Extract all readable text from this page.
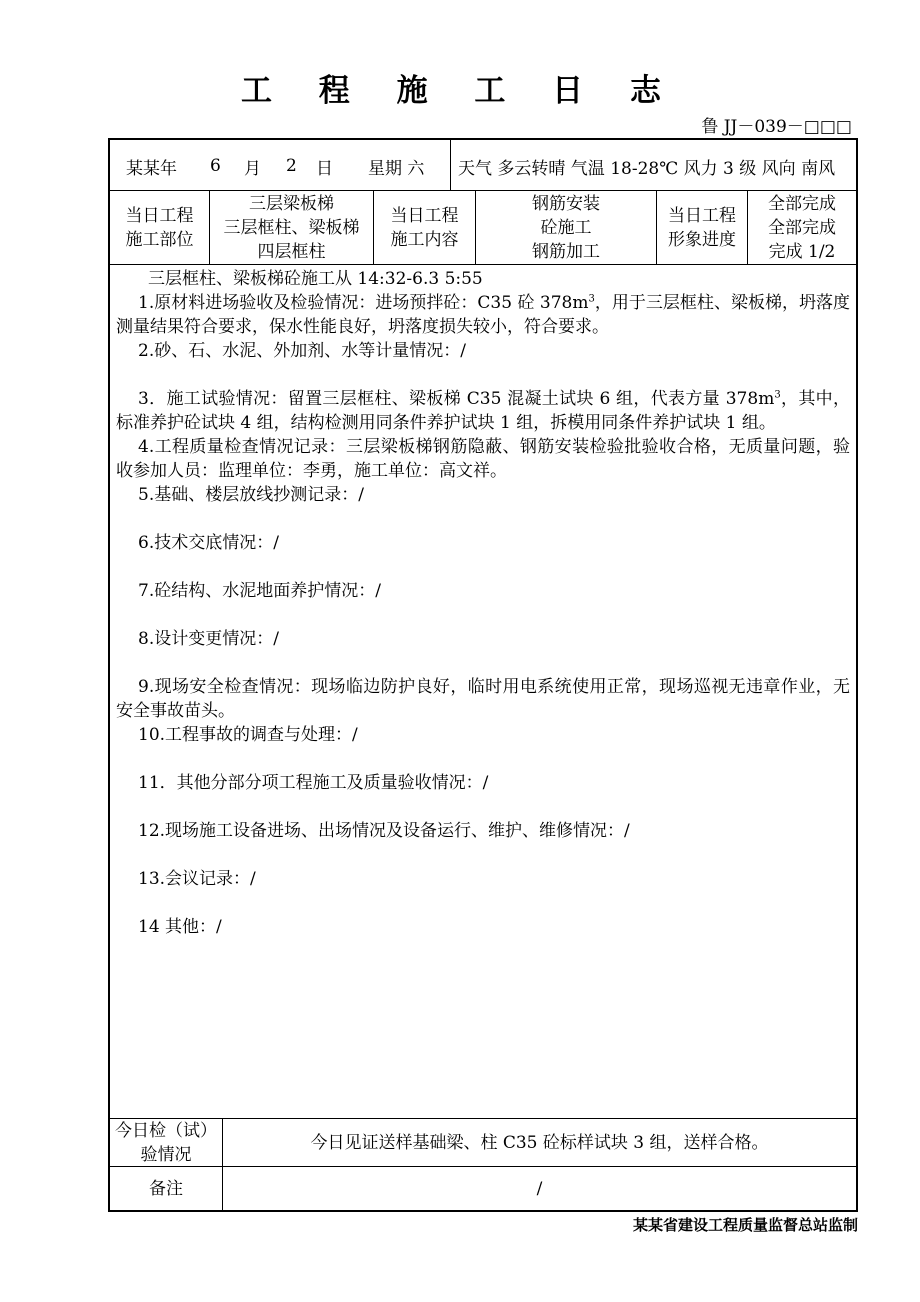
工 程 施 工 日 志
鲁 JJ－039－□□□
某某年 6 月 2 日 星期 六 天气 多云转晴 气温 18-28℃ 风力 3 级 风向 南风
当日工程
施工部位
三层梁板梯
三层框柱、梁板梯
四层框柱
当日工程
施工内容
钢筋安装
砼施工
钢筋加工
当日工程
形象进度
全部完成
全部完成
完成 1/2

三层框柱、梁板梯砼施工从 14:32-6.3 5:55

1.原材料进场验收及检验情况：进场预拌砼：C35 砼 $378m^3$，用于三层框柱、梁板梯，坍落度测量结果符合要求，保水性能良好，坍落度损失较小，符合要求。

2.砂、石、水泥、外加剂、水等计量情况：/

3．施工试验情况：留置三层框柱、梁板梯 C35 混凝土试块 6 组，代表方量 $378m^3$，其中，标准养护砼试块 4 组，结构检测用同条件养护试块 1 组，拆模用同条件养护试块 1 组。

4.工程质量检查情况记录：三层梁板梯钢筋隐蔽、钢筋安装检验批验收合格，无质量问题，验收参加人员：监理单位：李勇，施工单位：高文祥。

5.基础、楼层放线抄测记录：/

6.技术交底情况：/

7.砼结构、水泥地面养护情况：/

8.设计变更情况：/

9.现场安全检查情况：现场临边防护良好，临时用电系统使用正常，现场巡视无违章作业，无安全事故苗头。

10.工程事故的调查与处理：/

11．其他分部分项工程施工及质量验收情况：/

12.现场施工设备进场、出场情况及设备运行、维护、维修情况：/

13.会议记录：/

14 其他：/

今日检（试）
验情况
今日见证送样基础梁、柱 C35 砼标样试块 3 组，送样合格。
备注	/
某某省建设工程质量监督总站监制
